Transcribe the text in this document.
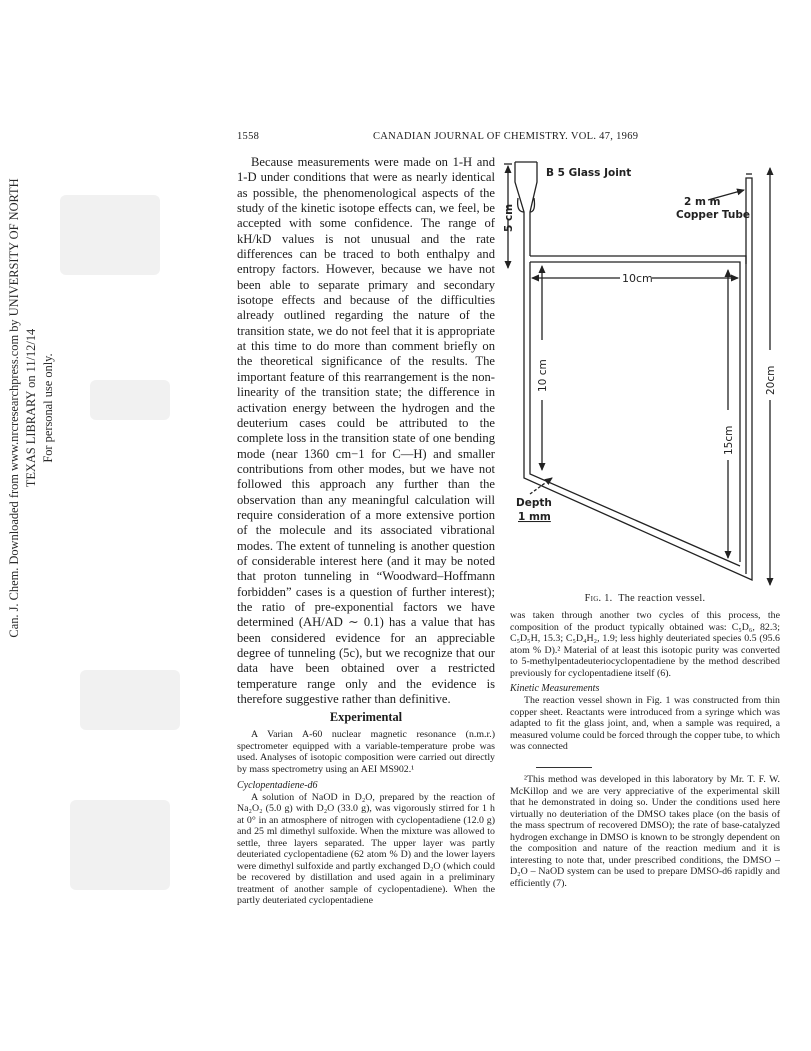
Can. J. Chem. Downloaded from www.nrcresearchpress.com by UNIVERSITY OF NORTH TEXAS LIBRARY on 11/12/14 For personal use only.
1558	CANADIAN JOURNAL OF CHEMISTRY. VOL. 47, 1969

Because measurements were made on 1-H and 1-D under conditions that were as nearly identical as possible, the phenomenological aspects of the study of the kinetic isotope effects can, we feel, be accepted with some confidence. The range of kH/kD values is not unusual and the rate differences can be traced to both enthalpy and entropy factors. However, because we have not been able to separate primary and secondary isotope effects and because of the difficulties already outlined regarding the nature of the transition state, we do not feel that it is appropriate at this time to do more than comment briefly on the theoretical significance of the results. The important feature of this rearrangement is the non-linearity of the transition state; the difference in activation energy between the hydrogen and the deuterium cases could be attributed to the complete loss in the transition state of one bending mode (near 1360 cm−1 for C—H) and smaller contributions from other modes, but we have not followed this approach any further than the observation than any meaningful calculation will require consideration of a more extensive portion of the molecule and its associated vibrational modes. The extent of tunneling is another question of considerable interest here (and it may be noted that proton tunneling in “Woodward–Hoffmann forbidden” cases is a question of further interest); the ratio of pre-exponential factors we have determined (AH/AD ∼ 0.1) has a value that has been considered evidence for an appreciable degree of tunneling (5c), but we recognize that our data have been obtained over a restricted temperature range only and the evidence is therefore suggestive rather than definitive.

Experimental

A Varian A-60 nuclear magnetic resonance (n.m.r.) spectrometer equipped with a variable-temperature probe was used. Analyses of isotopic composition were carried out directly by mass spectrometry using an AEI MS902.¹

Cyclopentadiene-d6

A solution of NaOD in D₂O, prepared by the reaction of Na₂O₂ (5.0 g) with D₂O (33.0 g), was vigorously stirred for 1 h at 0° in an atmosphere of nitrogen with cyclopentadiene (12.0 g) and 25 ml dimethyl sulfoxide. When the mixture was allowed to settle, three layers separated. The upper layer was partly deuteriated cyclopentadiene (62 atom % D) and the lower layers were dimethyl sulfoxide and partly exchanged D₂O (which could be recovered by distillation and used again in a preliminary treatment of another sample of cyclopentadiene). When the partly deuteriated cyclopentadiene

B 5 Glass Joint
2 m m
Copper Tube
10cm
5 cm
10 cm
15cm
20cm
Depth
1 mm
Fig. 1. The reaction vessel.

was taken through another two cycles of this process, the composition of the product typically obtained was: C₅D₆, 82.3; C₅D₅H, 15.3; C₅D₄H₂, 1.9; less highly deuteriated species 0.5 (95.6 atom % D).² Material of at least this isotopic purity was converted to 5-methylpentadeuteriocyclopentadiene by the method described previously for cyclopentadiene itself (6).

Kinetic Measurements

The reaction vessel shown in Fig. 1 was constructed from thin copper sheet. Reactants were introduced from a syringe which was adapted to fit the glass joint, and, when a sample was required, a measured volume could be forced through the copper tube, to which was connected

²This method was developed in this laboratory by Mr. T. F. W. McKillop and we are very appreciative of the experimental skill that he demonstrated in doing so. Under the conditions used here virtually no deuteriation of the DMSO takes place (on the basis of the mass spectrum of recovered DMSO); the rate of base-catalyzed hydrogen exchange in DMSO is known to be strongly dependent on the composition and nature of the reaction medium and it is interesting to note that, under prescribed conditions, the DMSO – D₂O – NaOD system can be used to prepare DMSO-d6 rapidly and efficiently (7).
